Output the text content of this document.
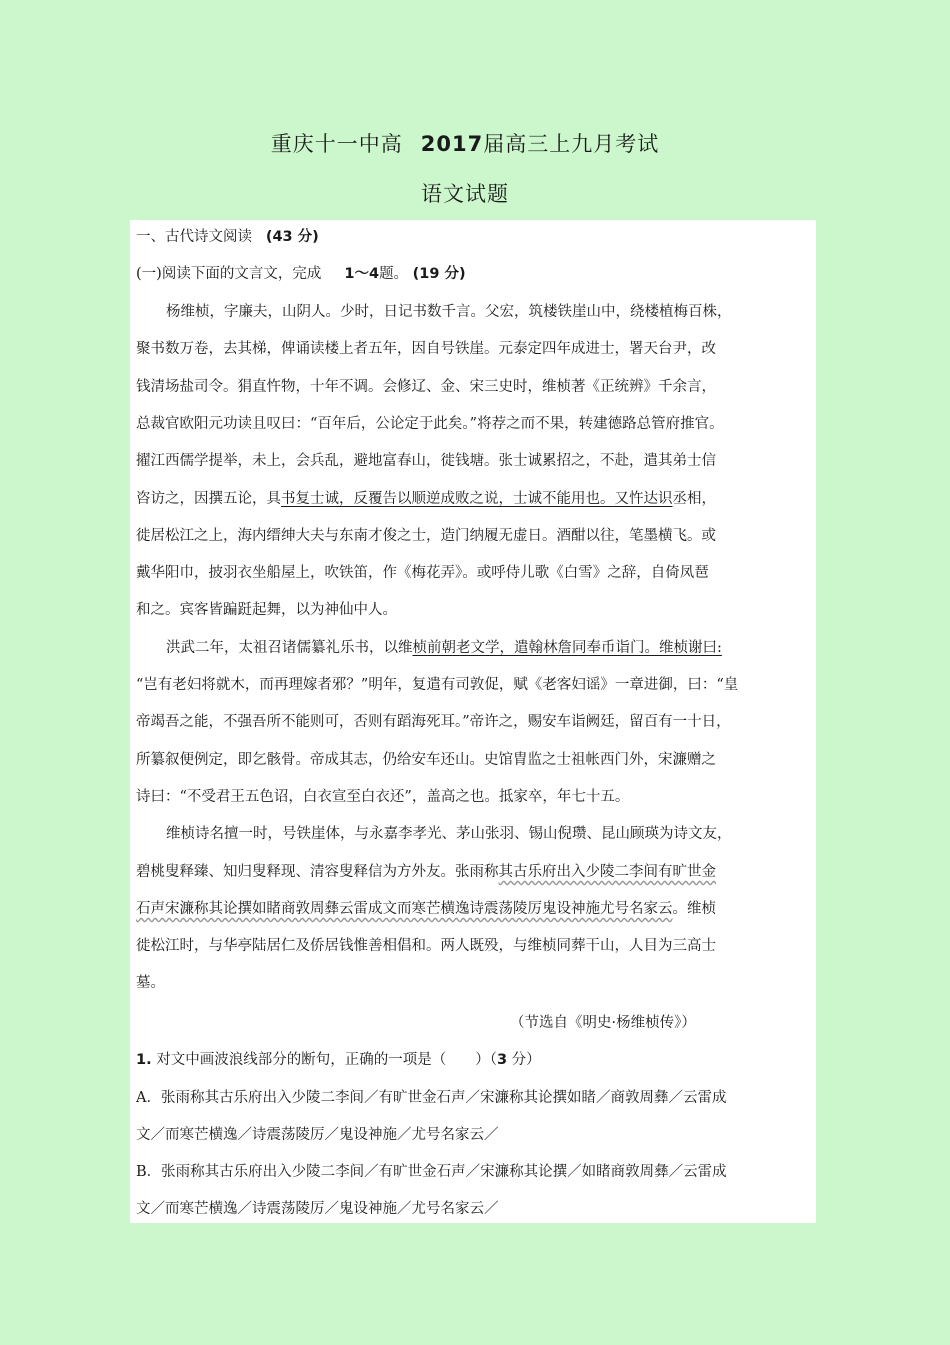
重庆十一中高 2017届高三上九月考试
语文试题
一、古代诗文阅读 (43 分)
(一)阅读下面的文言文，完成 1～4题。 (19 分)
杨维桢，字廉夫，山阴人。少时，日记书数千言。父宏，筑楼铁崖山中，绕楼植梅百株，
聚书数万卷，去其梯，俾诵读楼上者五年，因自号铁崖。元泰定四年成进士，署天台尹，改
钱清场盐司令。狷直忤物，十年不调。会修辽、金、宋三史时，维桢著《正统辨》千余言，
总裁官欧阳元功读且叹曰：“百年后，公论定于此矣。”将荐之而不果，转建德路总管府推官。
擢江西儒学提举，未上，会兵乱，避地富春山，徙钱塘。张士诚累招之，不赴，遣其弟士信
咨访之，因撰五论，具书复士诚，反覆告以顺逆成败之说，士诚不能用也。又忤达识丞相，
徙居松江之上，海内缙绅大夫与东南才俊之士，造门纳履无虚日。酒酣以往，笔墨横飞。或
戴华阳巾，披羽衣坐船屋上，吹铁笛，作《梅花弄》。或呼侍儿歌《白雪》之辞，自倚凤琶
和之。宾客皆蹁跹起舞，以为神仙中人。
洪武二年，太祖召诸儒纂礼乐书，以维桢前朝老文学，遣翰林詹同奉币诣门。维桢谢曰:
“岂有老妇将就木，而再理嫁者邪？”明年，复遣有司敦促，赋《老客妇谣》一章进御，曰：“皇
帝竭吾之能，不强吾所不能则可，否则有蹈海死耳。”帝许之，赐安车诣阙廷，留百有一十日，
所纂叙便例定，即乞骸骨。帝成其志，仍给安车还山。史馆胄监之士祖帐西门外，宋濂赠之
诗曰：“不受君王五色诏，白衣宣至白衣还”，盖高之也。抵家卒，年七十五。
维桢诗名擅一时，号铁崖体，与永嘉李孝光、茅山张羽、锡山倪瓒、昆山顾瑛为诗文友，
碧桃叟释臻、知归叟释现、清容叟释信为方外友。张雨称其古乐府出入少陵二李间有旷世金
石声宋濂称其论撰如睹商敦周彝云雷成文而寒芒横逸诗震荡陵厉鬼设神施尤号名家云。维桢
徙松江时，与华亭陆居仁及侨居钱惟善相倡和。两人既殁，与维桢同葬干山，人目为三高士
墓。
（节选自《明史·杨维桢传》）
1. 对文中画波浪线部分的断句，正确的一项是（　　）（3 分）
A．张雨称其古乐府出入少陵二李间／有旷世金石声／宋濂称其论撰如睹／商敦周彝／云雷成
文／而寒芒横逸／诗震荡陵厉／鬼设神施／尤号名家云／
B．张雨称其古乐府出入少陵二李间／有旷世金石声／宋濂称其论撰／如睹商敦周彝／云雷成
文／而寒芒横逸／诗震荡陵厉／鬼设神施／尤号名家云／
